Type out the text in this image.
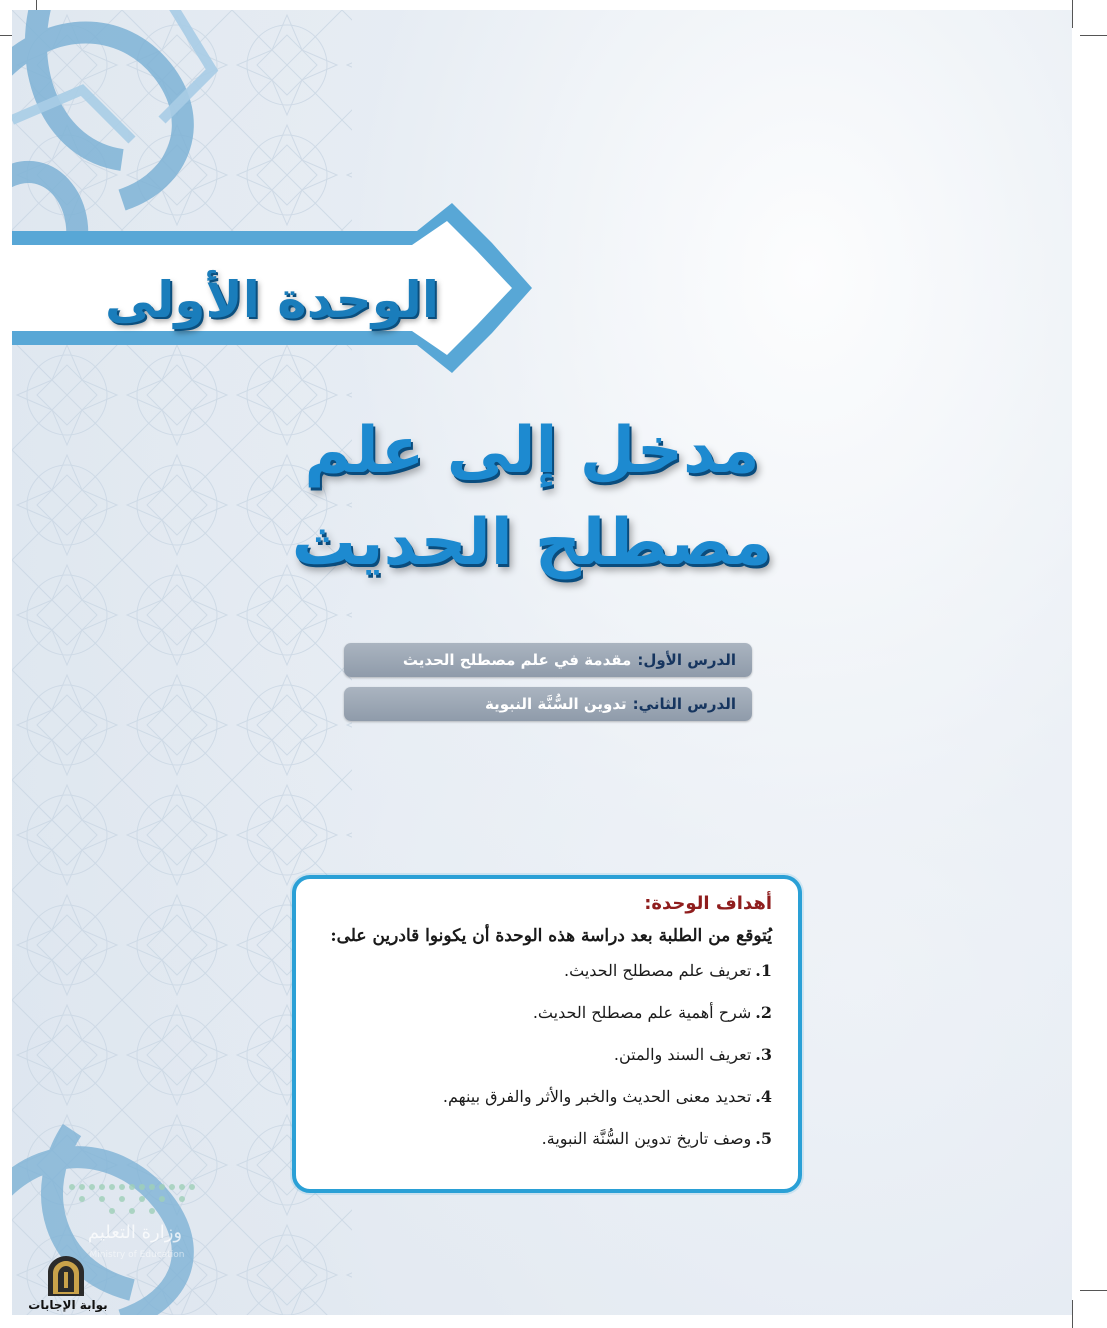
الوحدة الأولى
مدخل إلى علم
مصطلح الحديث
الدرس الأول:
مقدمة في علم مصطلح الحديث
الدرس الثاني:
تدوين السُّنَّة النبوية
أهداف الوحدة:
يُتوقع من الطلبة بعد دراسة هذه الوحدة أن يكونوا قادرين على:
1.
تعريف علم مصطلح الحديث.
2.
شرح أهمية علم مصطلح الحديث.
3.
تعريف السند والمتن.
4.
تحديد معنى الحديث والخبر والأثر والفرق بينهم.
5.
وصف تاريخ تدوين السُّنَّة النبوية.
وزارة التعليم
Ministry of Education
بوابة الإجابات
